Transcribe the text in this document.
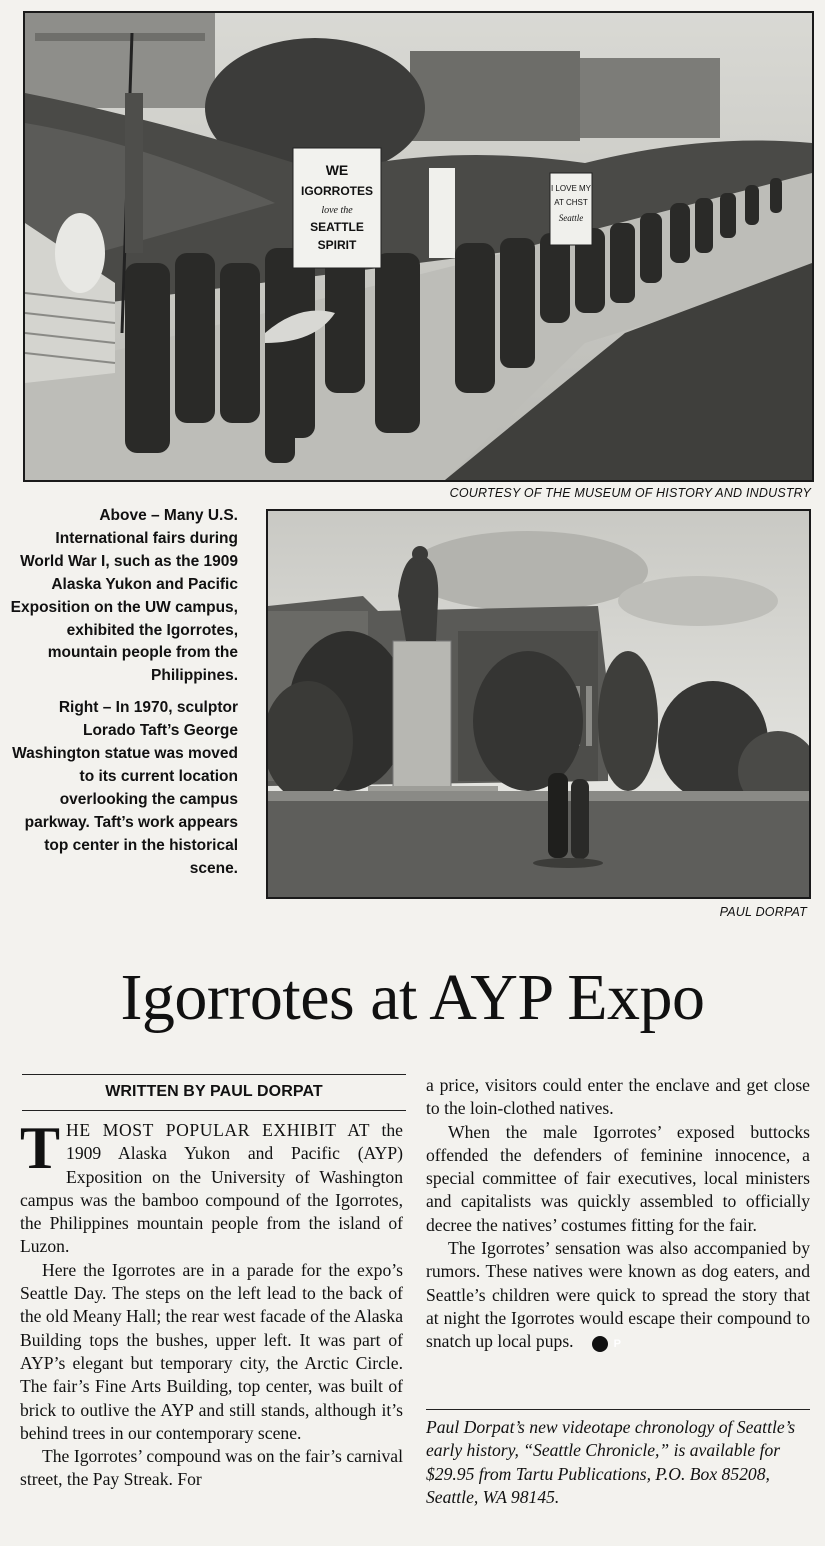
WE
IGORROTES
love the
SEATTLE
SPIRIT
I LOVE MY
AT CHST
Seattle
COURTESY OF THE MUSEUM OF HISTORY AND INDUSTRY

Above – Many U.S. International fairs during World War I, such as the 1909 Alaska Yukon and Pacific Exposition on the UW campus, exhibited the Igorrotes, mountain people from the Philippines.

Right – In 1970, sculptor Lorado Taft’s George Washington statue was moved to its current location overlooking the campus parkway. Taft’s work appears top center in the historical scene.

PAUL DORPAT
Igorrotes at AYP Expo
WRITTEN BY PAUL DORPAT

THE MOST POPULAR EXHIBIT AT the 1909 Alaska Yukon and Pacific (AYP) Exposition on the University of Washington campus was the bamboo compound of the Igorrotes, the Philippines mountain people from the island of Luzon.

Here the Igorrotes are in a parade for the expo’s Seattle Day. The steps on the left lead to the back of the old Meany Hall; the rear west facade of the Alaska Building tops the bushes, upper left. It was part of AYP’s elegant but temporary city, the Arctic Circle. The fair’s Fine Arts Building, top center, was built of brick to outlive the AYP and still stands, although it’s behind trees in our contemporary scene.

The Igorrotes’ compound was on the fair’s carnival street, the Pay Streak. For

a price, visitors could enter the enclave and get close to the loin-clothed natives.

When the male Igorrotes’ exposed buttocks offended the defenders of feminine innocence, a special committee of fair executives, local ministers and capitalists was quickly assembled to officially decree the natives’ costumes fitting for the fair.

The Igorrotes’ sensation was also accompanied by rumors. These natives were known as dog eaters, and Seattle’s children were quick to spread the story that at night the Igorrotes would escape their compound to snatch up local pups.	P

Paul Dorpat’s new videotape chronology of Seattle’s early history, “Seattle Chronicle,” is available for $29.95 from Tartu Publications, P.O. Box 85208, Seattle, WA 98145.
